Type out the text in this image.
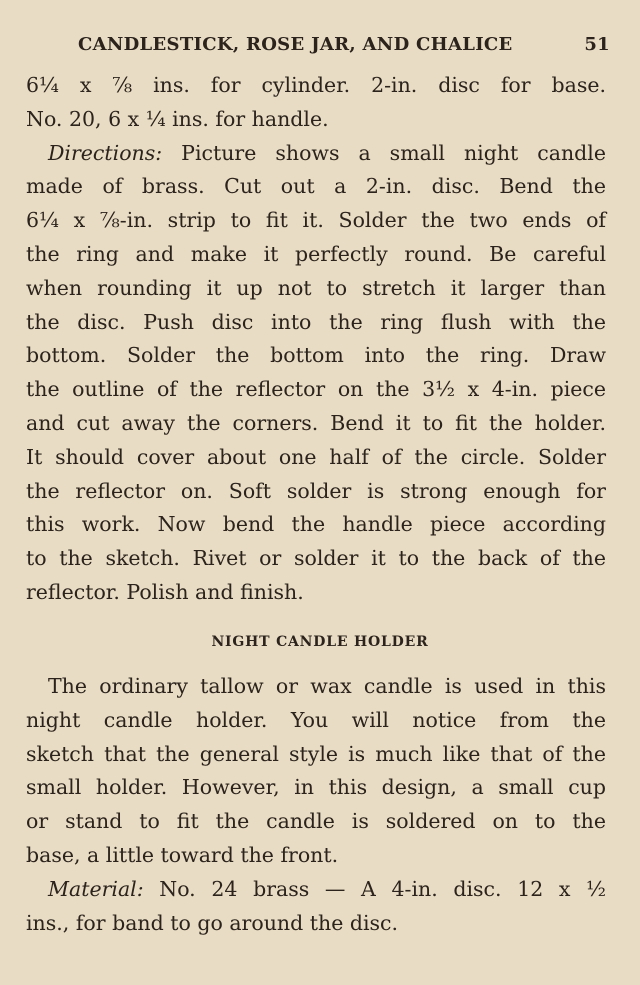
CANDLESTICK, ROSE JAR, AND CHALICE	51
6¼ x ⅞ ins. for cylinder. 2-in. disc for base.
No. 20, 6 x ¼ ins. for handle.
Directions: Picture shows a small night candle
made of brass. Cut out a 2-in. disc. Bend the
6¼ x ⅞-in. strip to fit it. Solder the two ends of
the ring and make it perfectly round. Be careful
when rounding it up not to stretch it larger than
the disc. Push disc into the ring flush with the
bottom. Solder the bottom into the ring. Draw
the outline of the reflector on the 3½ x 4-in. piece
and cut away the corners. Bend it to fit the holder.
It should cover about one half of the circle. Solder
the reflector on. Soft solder is strong enough for
this work. Now bend the handle piece according
to the sketch. Rivet or solder it to the back of the
reflector. Polish and finish.
NIGHT CANDLE HOLDER
The ordinary tallow or wax candle is used in this
night candle holder. You will notice from the
sketch that the general style is much like that of the
small holder. However, in this design, a small cup
or stand to fit the candle is soldered on to the
base, a little toward the front.
Material: No. 24 brass — A 4-in. disc. 12 x ½
ins., for band to go around the disc.
